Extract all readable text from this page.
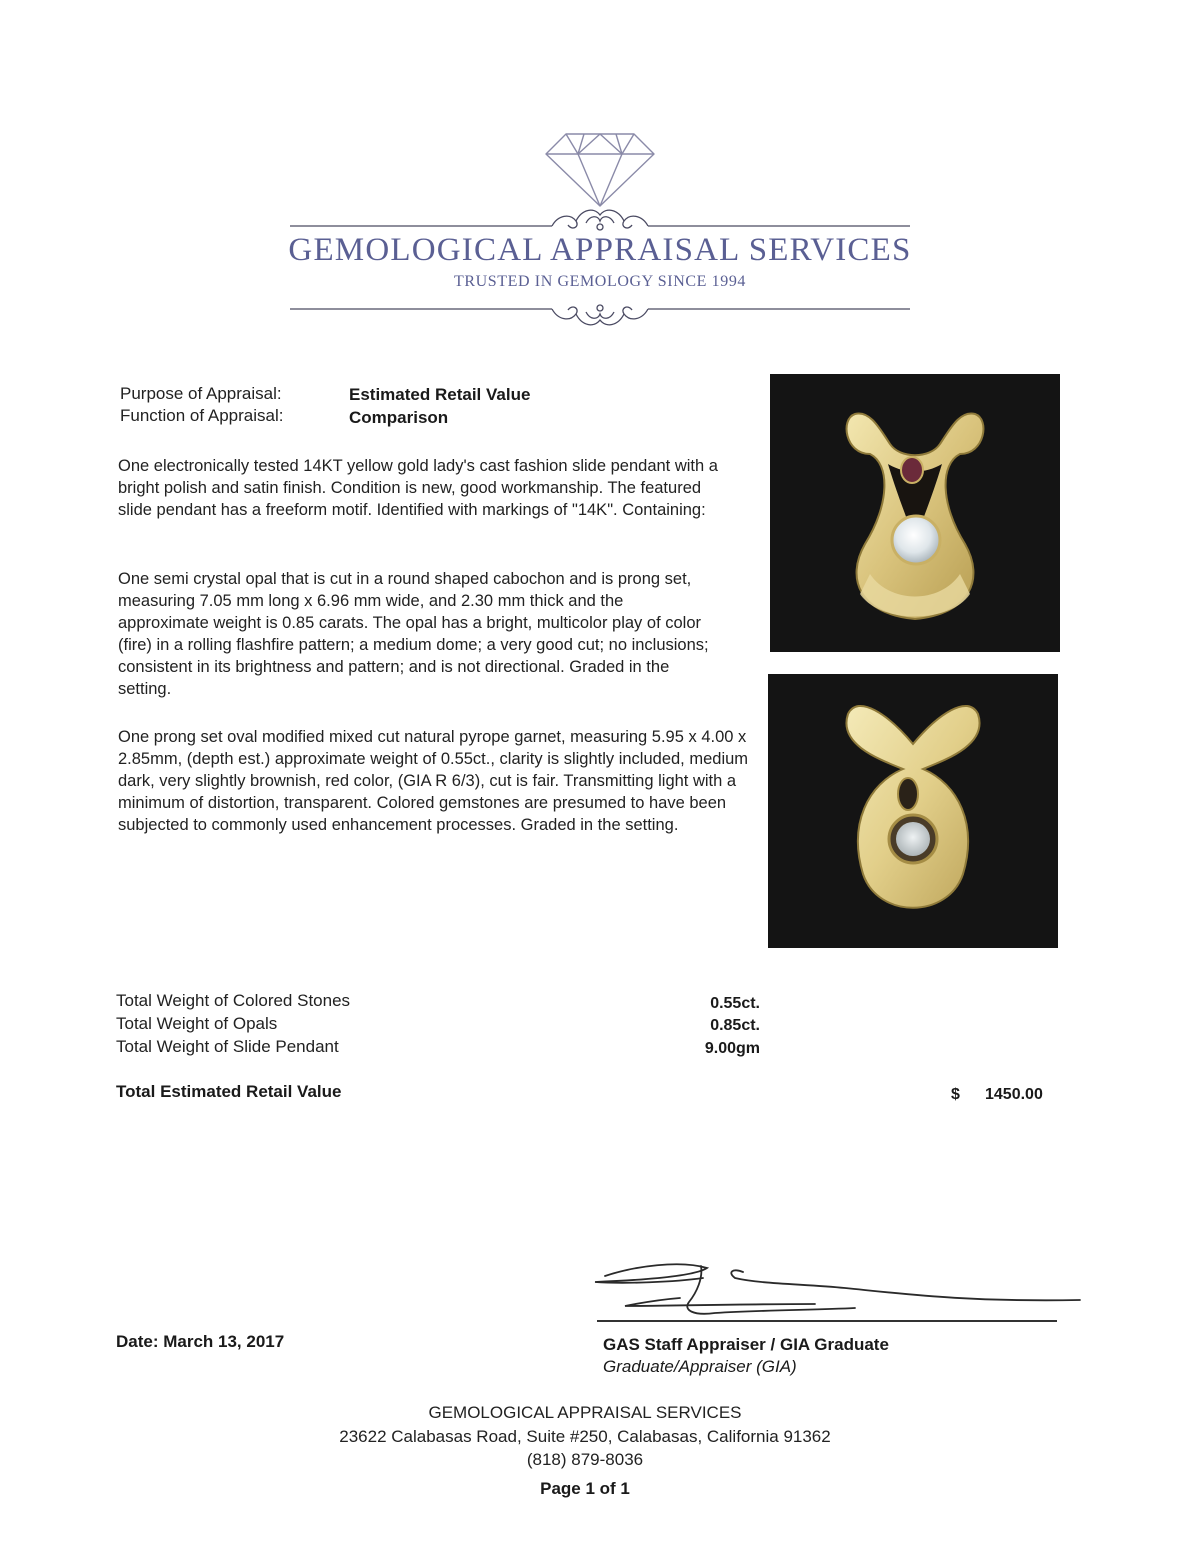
GEMOLOGICAL APPRAISAL SERVICES
TRUSTED IN GEMOLOGY SINCE 1994
Purpose of Appraisal:	Estimated Retail Value
Function of Appraisal:	Comparison

One electronically tested 14KT yellow gold lady's cast fashion slide pendant with a bright polish and satin finish. Condition is new, good workmanship. The featured slide pendant has a freeform motif. Identified with markings of "14K". Containing:

One semi crystal opal that is cut in a round shaped cabochon and is prong set, measuring 7.05 mm long x 6.96 mm wide, and 2.30 mm thick and the approximate weight is 0.85 carats. The opal has a bright, multicolor play of color (fire) in a rolling flashfire pattern; a medium dome; a very good cut; no inclusions; consistent in its brightness and pattern; and is not directional. Graded in the setting.

One prong set oval modified mixed cut natural pyrope garnet, measuring 5.95 x 4.00 x 2.85mm, (depth est.) approximate weight of 0.55ct., clarity is slightly included, medium dark, very slightly brownish, red color, (GIA R 6/3), cut is fair. Transmitting light with a minimum of distortion, transparent. Colored gemstones are presumed to have been subjected to commonly used enhancement processes. Graded in the setting.

Total Weight of Colored Stones	0.55ct.
Total Weight of Opals	0.85ct.
Total Weight of Slide Pendant	9.00gm
Total Estimated Retail Value	$ 1450.00
Date: March 13, 2017	GAS Staff Appraiser / GIA Graduate
Graduate/Appraiser (GIA)
GEMOLOGICAL APPRAISAL SERVICES
23622 Calabasas Road, Suite #250, Calabasas, California 91362
(818) 879-8036
Page 1 of 1
